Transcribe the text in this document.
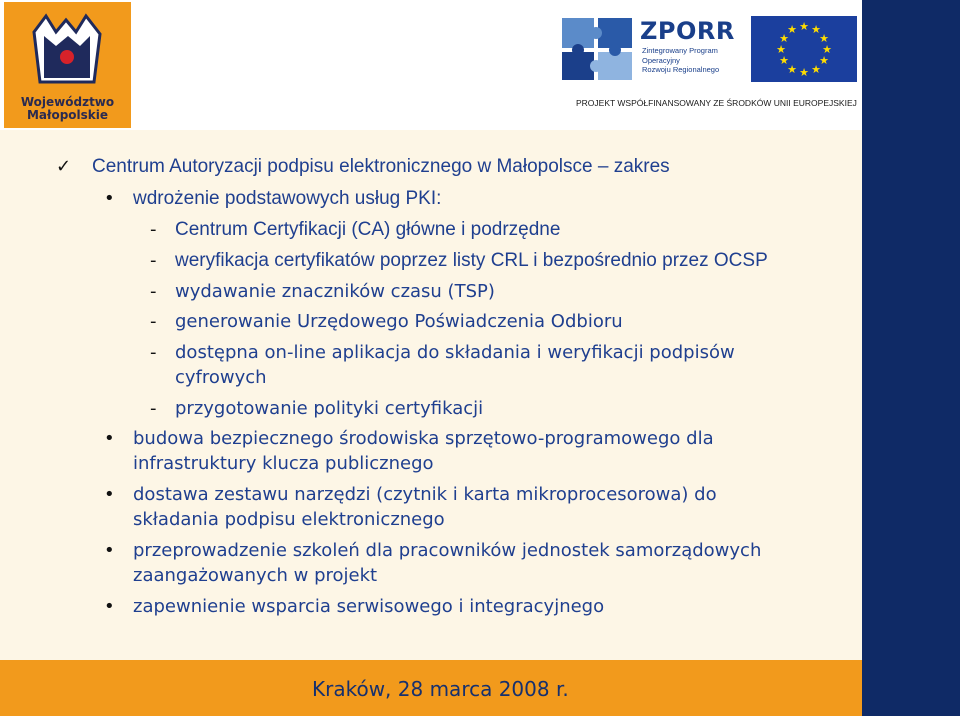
Województwo
Małopolskie
ZPORR
Zintegrowany Program
Operacyjny
Rozwoju Regionalnego
★ ★
★
★
★
★
★
★
★
★
★
★
PROJEKT WSPÓŁFINANSOWANY ZE ŚRODKÓW UNII EUROPEJSKIEJ
✓ Centrum Autoryzacji podpisu elektronicznego w Małopolsce – zakres
• wdrożenie podstawowych usług PKI:
- Centrum Certyfikacji (CA) główne i podrzędne
- weryfikacja certyfikatów poprzez listy CRL i bezpośrednio przez OCSP
- wydawanie znaczników czasu (TSP)
- generowanie Urzędowego Poświadczenia Odbioru
- dostępna on-line aplikacja do składania i weryfikacji podpisów
cyfrowych
- przygotowanie polityki certyfikacji
• budowa bezpiecznego środowiska sprzętowo-programowego dla
infrastruktury klucza publicznego
• dostawa zestawu narzędzi (czytnik i karta mikroprocesorowa) do
składania podpisu elektronicznego
• przeprowadzenie szkoleń dla pracowników jednostek samorządowych
zaangażowanych w projekt
• zapewnienie wsparcia serwisowego i integracyjnego
Kraków, 28 marca 2008 r.
